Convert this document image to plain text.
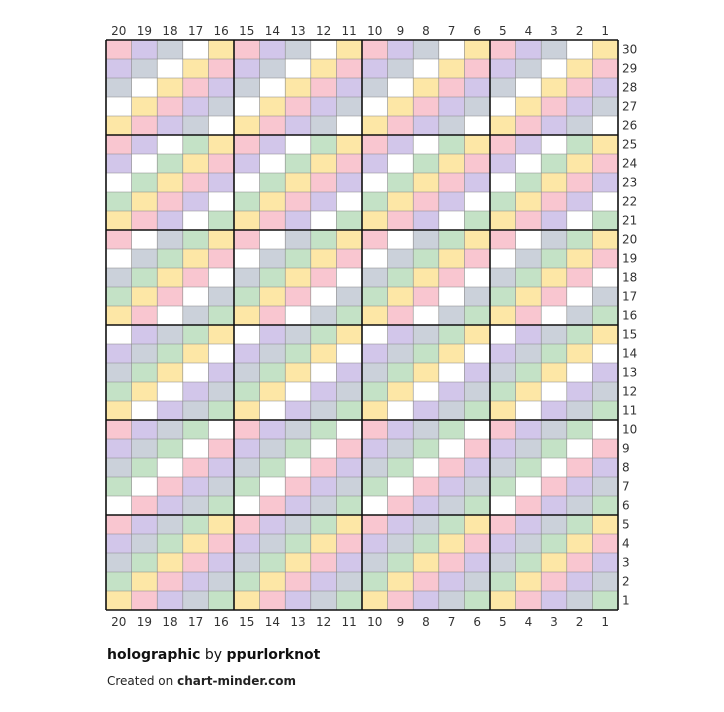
20
20
19
19
18
18
17
17
16
16
15
15
14
14
13
13
12
12
11
11
10
10
9
9
8
8
7
7
6
6
5
5
4
4
3
3
2
2
1
1
30
29
28
27
26
25
24
23
22
21
20
19
18
17
16
15
14
13
12
11
10
9
8
7
6
5
4
3
2
1
holographic by ppurlorknot
Created on chart-minder.com
